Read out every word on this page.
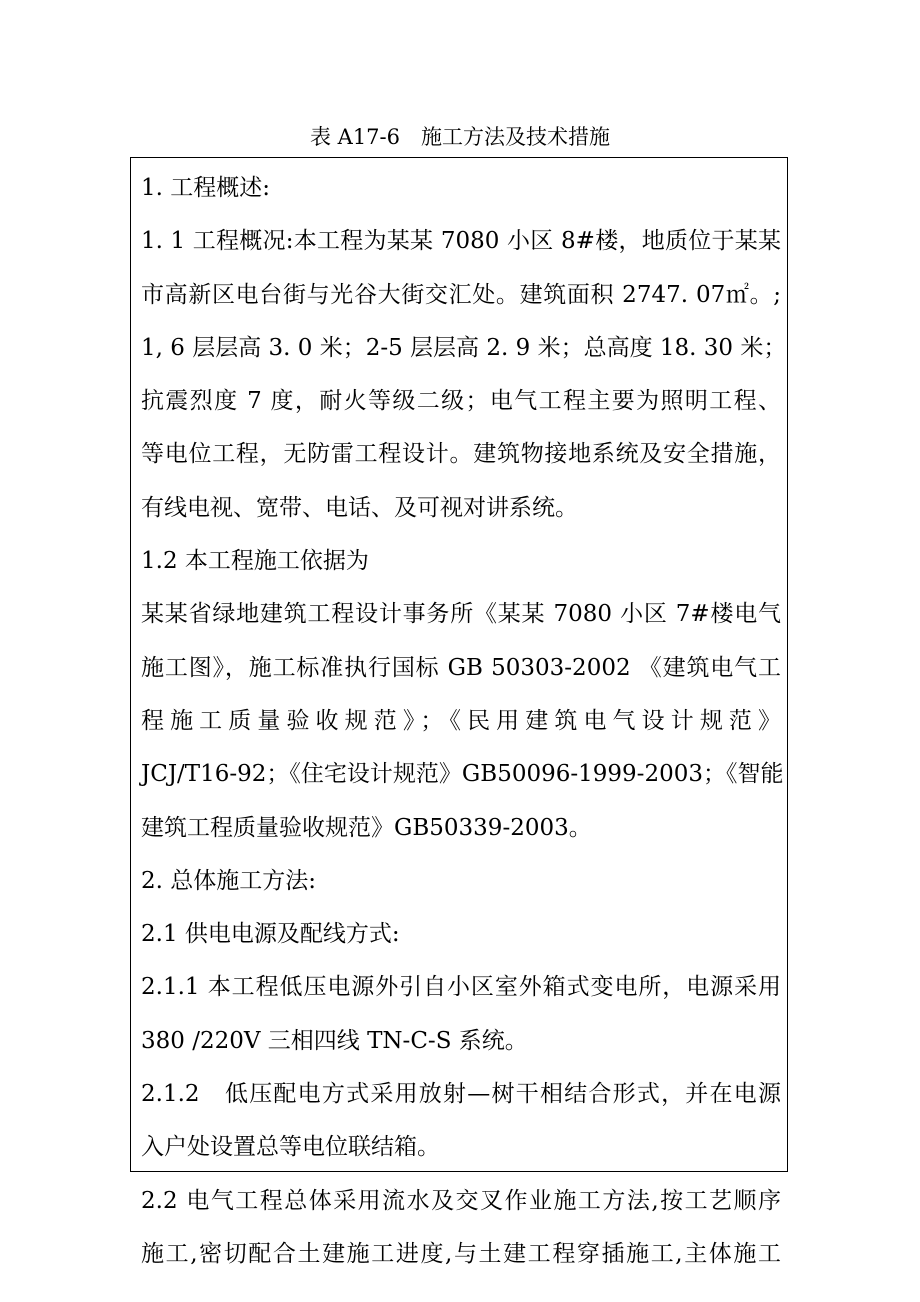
表 A17-6　施工方法及技术措施
1. 工程概述:
1. 1 工程概况:本工程为某某 7080 小区 8#楼，地质位于某某
市高新区电台街与光谷大街交汇处。建筑面积 2747. 07㎡。;
1, 6 层层高 3. 0 米；2-5 层层高 2. 9 米；总高度 18. 30 米；
抗震烈度 7 度，耐火等级二级；电气工程主要为照明工程、
等电位工程，无防雷工程设计。建筑物接地系统及安全措施，
有线电视、宽带、电话、及可视对讲系统。
1.2 本工程施工依据为
某某省绿地建筑工程设计事务所《某某 7080 小区 7#楼电气
施工图》，施工标准执行国标 GB 50303-2002 《建筑电气工
程施工质量验收规范》；《民用建筑电气设计规范》
JCJ/T16-92；《住宅设计规范》GB50096-1999-2003；《智能
建筑工程质量验收规范》GB50339-2003。
2. 总体施工方法:
2.1 供电电源及配线方式:
2.1.1 本工程低压电源外引自小区室外箱式变电所，电源采用
380 /220V 三相四线 TN-C-S 系统。
2.1.2　低压配电方式采用放射—树干相结合形式，并在电源
入户处设置总等电位联结箱。
2.2 电气工程总体采用流水及交叉作业施工方法,按工艺顺序
施工,密切配合土建施工进度,与土建工程穿插施工,主体施工
